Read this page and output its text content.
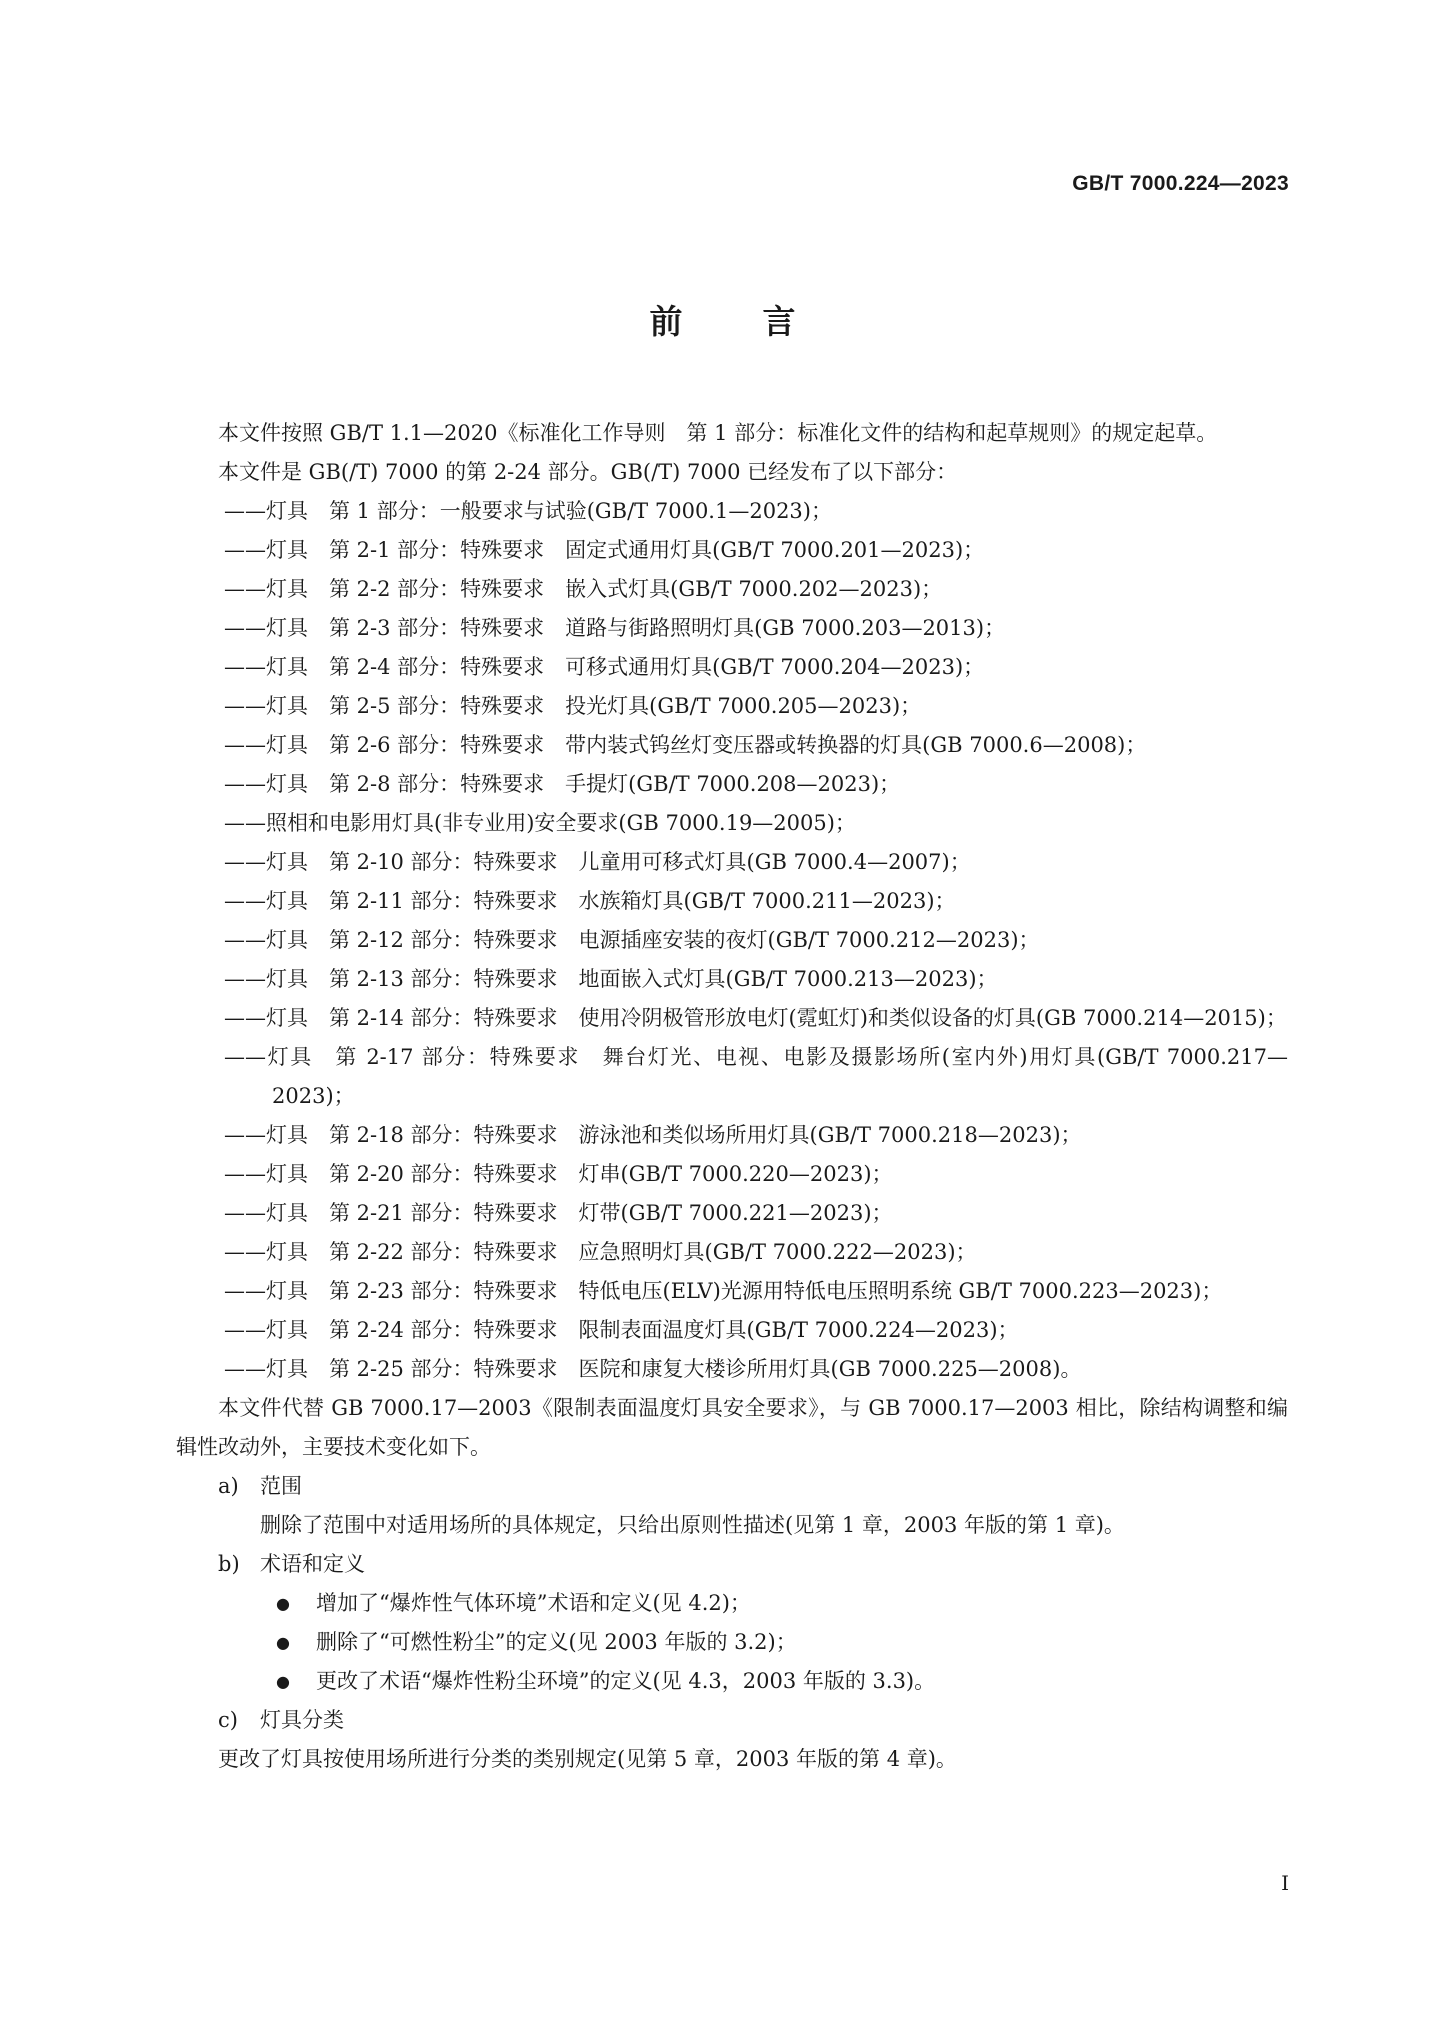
GB/T 7000.224—2023
前 言
本文件按照 GB/T 1.1—2020《标准化工作导则　第 1 部分：标准化文件的结构和起草规则》的规定起草。
本文件是 GB(/T) 7000 的第 2-24 部分。GB(/T) 7000 已经发布了以下部分：
——灯具　第 1 部分：一般要求与试验(GB/T 7000.1—2023)；
——灯具　第 2-1 部分：特殊要求　固定式通用灯具(GB/T 7000.201—2023)；
——灯具　第 2-2 部分：特殊要求　嵌入式灯具(GB/T 7000.202—2023)；
——灯具　第 2-3 部分：特殊要求　道路与街路照明灯具(GB 7000.203—2013)；
——灯具　第 2-4 部分：特殊要求　可移式通用灯具(GB/T 7000.204—2023)；
——灯具　第 2-5 部分：特殊要求　投光灯具(GB/T 7000.205—2023)；
——灯具　第 2-6 部分：特殊要求　带内装式钨丝灯变压器或转换器的灯具(GB 7000.6—2008)；
——灯具　第 2-8 部分：特殊要求　手提灯(GB/T 7000.208—2023)；
——照相和电影用灯具(非专业用)安全要求(GB 7000.19—2005)；
——灯具　第 2-10 部分：特殊要求　儿童用可移式灯具(GB 7000.4—2007)；
——灯具　第 2-11 部分：特殊要求　水族箱灯具(GB/T 7000.211—2023)；
——灯具　第 2-12 部分：特殊要求　电源插座安装的夜灯(GB/T 7000.212—2023)；
——灯具　第 2-13 部分：特殊要求　地面嵌入式灯具(GB/T 7000.213—2023)；
——灯具　第 2-14 部分：特殊要求　使用冷阴极管形放电灯(霓虹灯)和类似设备的灯具(GB 7000.214—2015)；
——灯具　第 2-17 部分：特殊要求　舞台灯光、电视、电影及摄影场所(室内外)用灯具(GB/T 7000.217—2023)；
——灯具　第 2-18 部分：特殊要求　游泳池和类似场所用灯具(GB/T 7000.218—2023)；
——灯具　第 2-20 部分：特殊要求　灯串(GB/T 7000.220—2023)；
——灯具　第 2-21 部分：特殊要求　灯带(GB/T 7000.221—2023)；
——灯具　第 2-22 部分：特殊要求　应急照明灯具(GB/T 7000.222—2023)；
——灯具　第 2-23 部分：特殊要求　特低电压(ELV)光源用特低电压照明系统 GB/T 7000.223—2023)；
——灯具　第 2-24 部分：特殊要求　限制表面温度灯具(GB/T 7000.224—2023)；
——灯具　第 2-25 部分：特殊要求　医院和康复大楼诊所用灯具(GB 7000.225—2008)。
本文件代替 GB 7000.17—2003《限制表面温度灯具安全要求》，与 GB 7000.17—2003 相比，除结构调整和编辑性改动外，主要技术变化如下。
a) 范围
删除了范围中对适用场所的具体规定，只给出原则性描述(见第 1 章，2003 年版的第 1 章)。
b) 术语和定义
● 增加了“爆炸性气体环境”术语和定义(见 4.2)；
● 删除了“可燃性粉尘”的定义(见 2003 年版的 3.2)；
● 更改了术语“爆炸性粉尘环境”的定义(见 4.3，2003 年版的 3.3)。
c) 灯具分类
更改了灯具按使用场所进行分类的类别规定(见第 5 章，2003 年版的第 4 章)。
I
